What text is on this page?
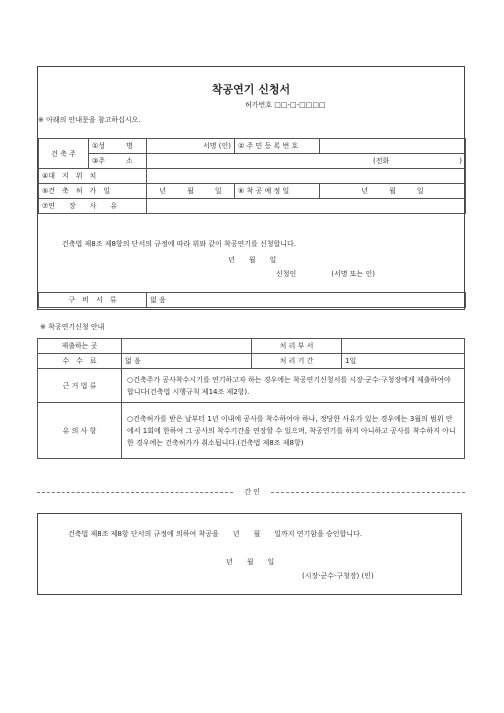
착공연기 신청서
허가번호 □□-□-□□□□
※ 아래의 안내문을 참고하십시오.
건 축 주	①성　　　명	서명 (인)	② 주 민 등 록 번 호	
	③주　　　소	(전화　　　　　　　　　　)		
④대　지　위　치				
⑤건　축　허　가　일		년　　　월　　　일	⑥ 착 공 예 정 일	년　　　월　　　일
⑦연　　장　　사　　유				
건축법 제8조 제8항의 단서의 규정에 따라 위와 같이 착공연기를 신청합니다.
년　　월　　일
신청인　　　　　(서명 또는 인)
구　비　서　류	없 음
※ 착공연기신청 안내
제출하는 곳		처 리 부 서	
수　수　료	없 음	처 리 기 간	1일
근 거 법 류	○건축주가 공사착수시기를 연기하고자 하는 경우에는 착공연기신청서를 시장·군수·구청장에게 제출하여야 합니다(건축법 시행규칙 제14조 제2항).		
유 의 사 항	○건축허가를 받은 날부터 1년 이내에 공사를 착수하여야 하나, 정당한 사유가 있는 경우에는 3월의 범위 안에서 1회에 한하여 그 공사의 착수기간을 연장할 수 있으며, 착공연기를 하지 아니하고 공사를 착수하지 아니한 경우에는 건축허가가 취소됩니다.(건축법 제8조 제8항)		
간 인
건축법 제8조 제8항 단서의 규정에 의하여 착공을　　년　　월　　일까지 연기함을 승인합니다.
년　　월　　일
(시장·군수·구청장) (인)
